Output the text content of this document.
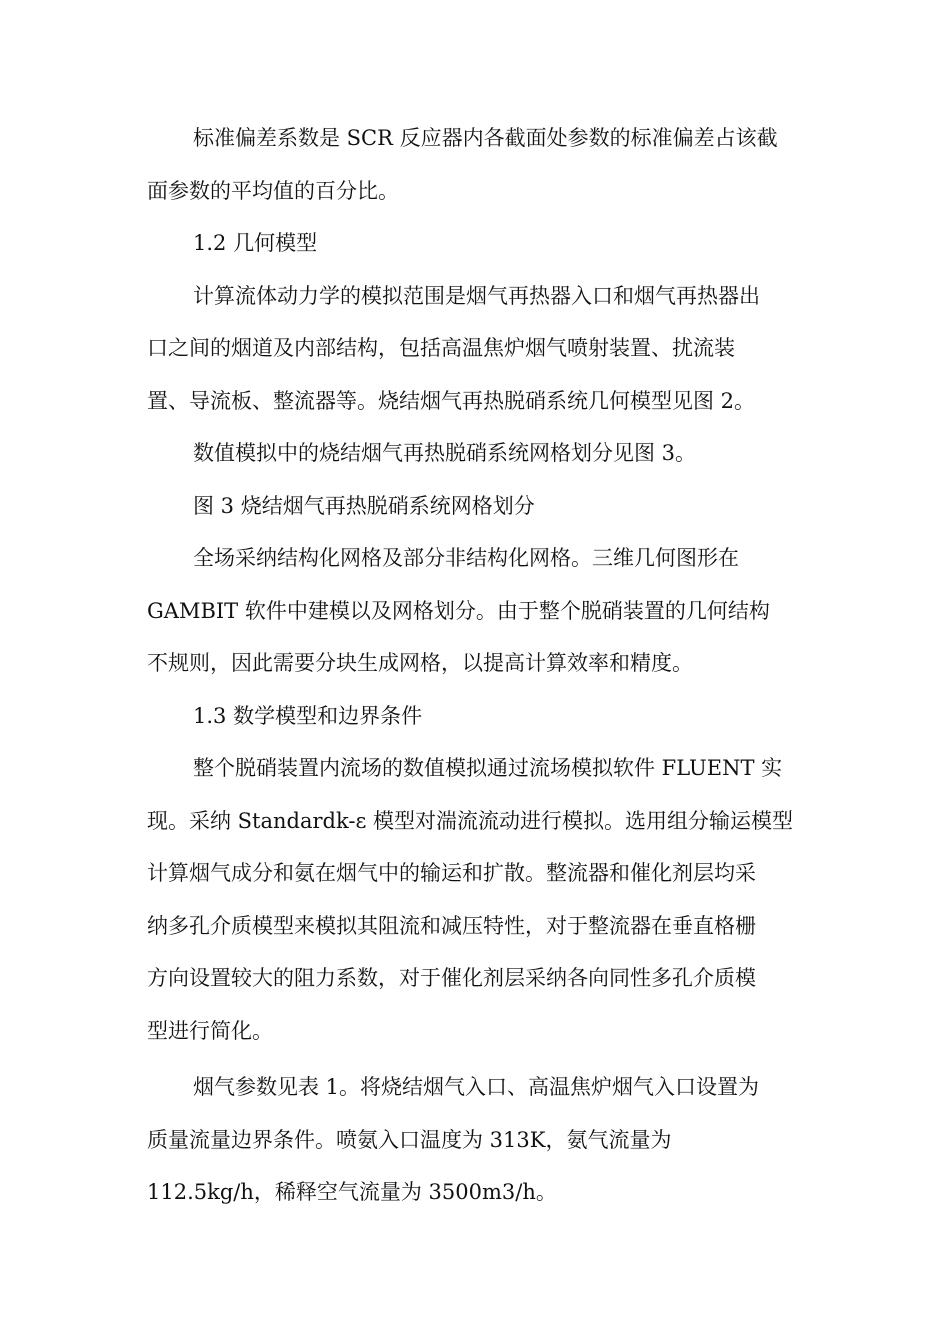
标准偏差系数是 SCR 反应器内各截面处参数的标准偏差占该截
面参数的平均值的百分比。

1.2 几何模型

计算流体动力学的模拟范围是烟气再热器入口和烟气再热器出
口之间的烟道及内部结构，包括高温焦炉烟气喷射装置、扰流装
置、导流板、整流器等。烧结烟气再热脱硝系统几何模型见图 2。

数值模拟中的烧结烟气再热脱硝系统网格划分见图 3。

图 3 烧结烟气再热脱硝系统网格划分

全场采纳结构化网格及部分非结构化网格。三维几何图形在
GAMBIT 软件中建模以及网格划分。由于整个脱硝装置的几何结构
不规则，因此需要分块生成网格，以提高计算效率和精度。

1.3 数学模型和边界条件

整个脱硝装置内流场的数值模拟通过流场模拟软件 FLUENT 实
现。采纳 Standardk-ε 模型对湍流流动进行模拟。选用组分输运模型
计算烟气成分和氨在烟气中的输运和扩散。整流器和催化剂层均采
纳多孔介质模型来模拟其阻流和减压特性，对于整流器在垂直格栅
方向设置较大的阻力系数，对于催化剂层采纳各向同性多孔介质模
型进行简化。

烟气参数见表 1。将烧结烟气入口、高温焦炉烟气入口设置为
质量流量边界条件。喷氨入口温度为 313K，氨气流量为
112.5kg/h，稀释空气流量为 3500m3/h。
